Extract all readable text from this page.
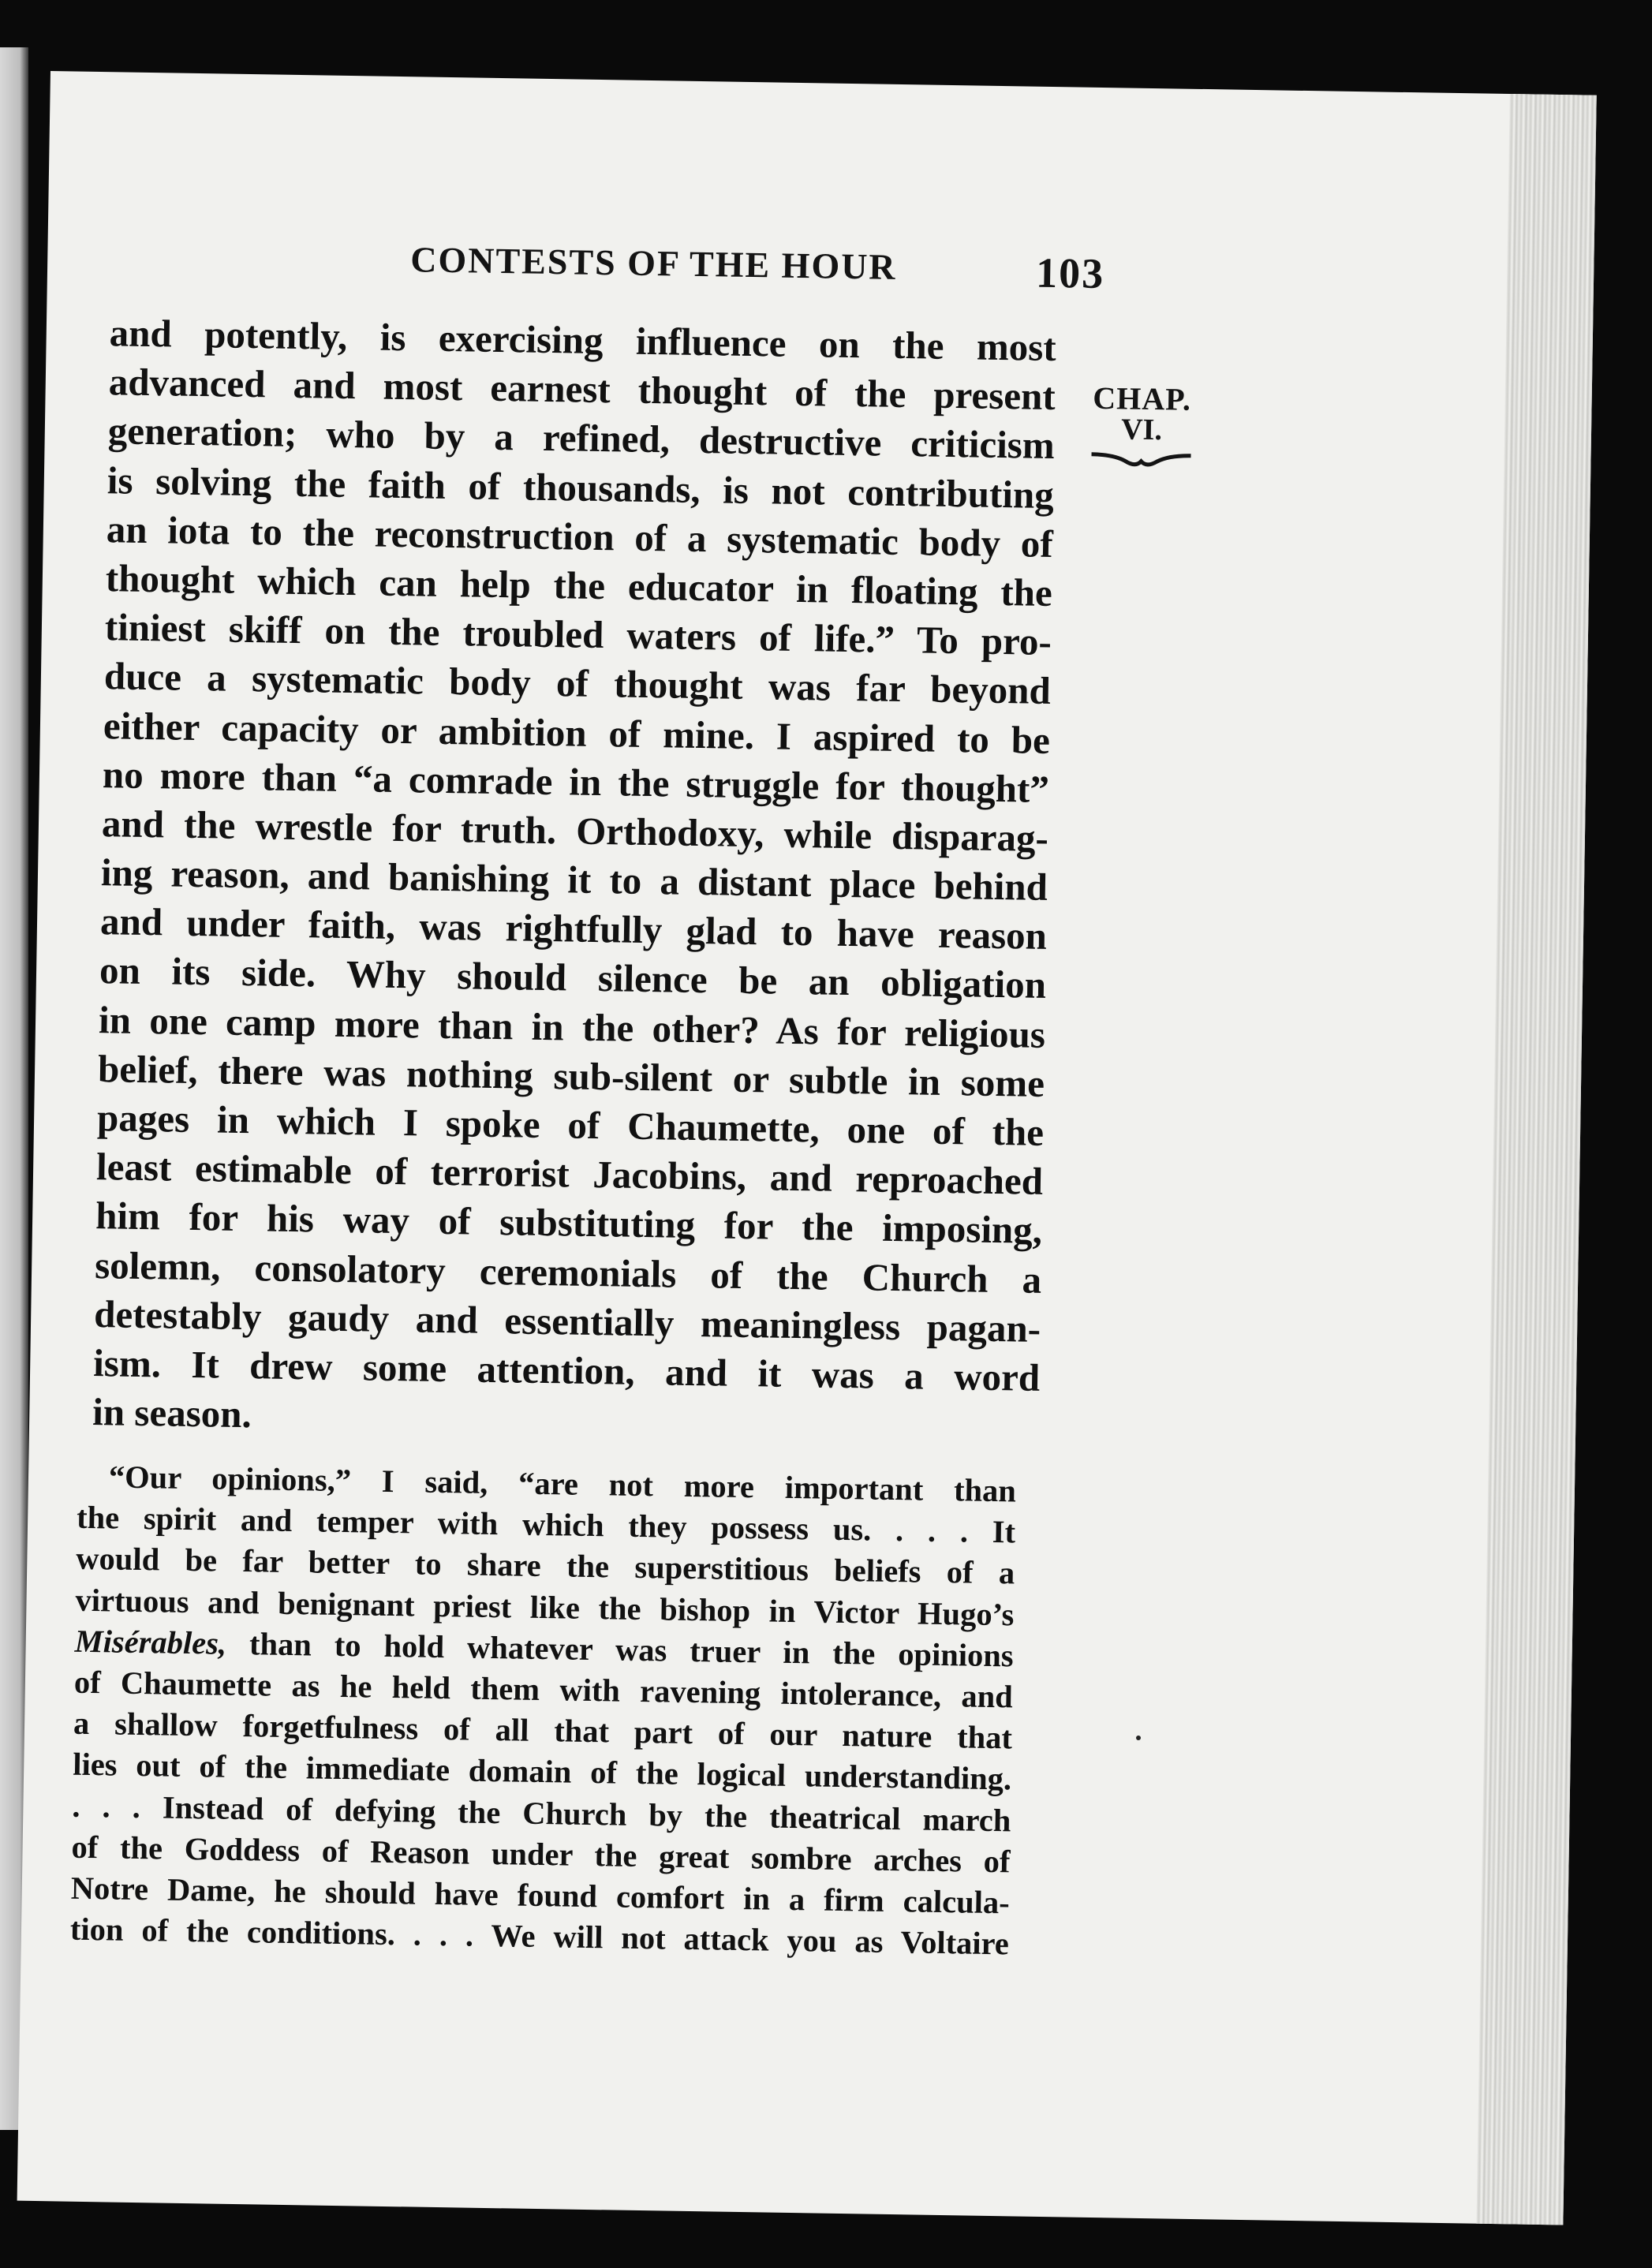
CONTESTS OF THE HOUR	103
CHAP.
VI.
and potently, is exercising influence on the most
advanced and most earnest thought of the present
generation; who by a refined, destructive criticism
is solving the faith of thousands, is not contributing
an iota to the reconstruction of a systematic body of
thought which can help the educator in floating the
tiniest skiff on the troubled waters of life.” To pro-
duce a systematic body of thought was far beyond
either capacity or ambition of mine. I aspired to be
no more than “a comrade in the struggle for thought”
and the wrestle for truth. Orthodoxy, while disparag-
ing reason, and banishing it to a distant place behind
and under faith, was rightfully glad to have reason
on its side. Why should silence be an obligation
in one camp more than in the other? As for religious
belief, there was nothing sub-silent or subtle in some
pages in which I spoke of Chaumette, one of the
least estimable of terrorist Jacobins, and reproached
him for his way of substituting for the imposing,
solemn, consolatory ceremonials of the Church a
detestably gaudy and essentially meaningless pagan-
ism. It drew some attention, and it was a word
in season.
“Our opinions,” I said, “are not more important than
the spirit and temper with which they possess us. . . . It
would be far better to share the superstitious beliefs of a
virtuous and benignant priest like the bishop in Victor Hugo’s
Misérables, than to hold whatever was truer in the opinions
of Chaumette as he held them with ravening intolerance, and
a shallow forgetfulness of all that part of our nature that
lies out of the immediate domain of the logical understanding.
. . . Instead of defying the Church by the theatrical march
of the Goddess of Reason under the great sombre arches of
Notre Dame, he should have found comfort in a firm calcula-
tion of the conditions. . . . We will not attack you as Voltaire
